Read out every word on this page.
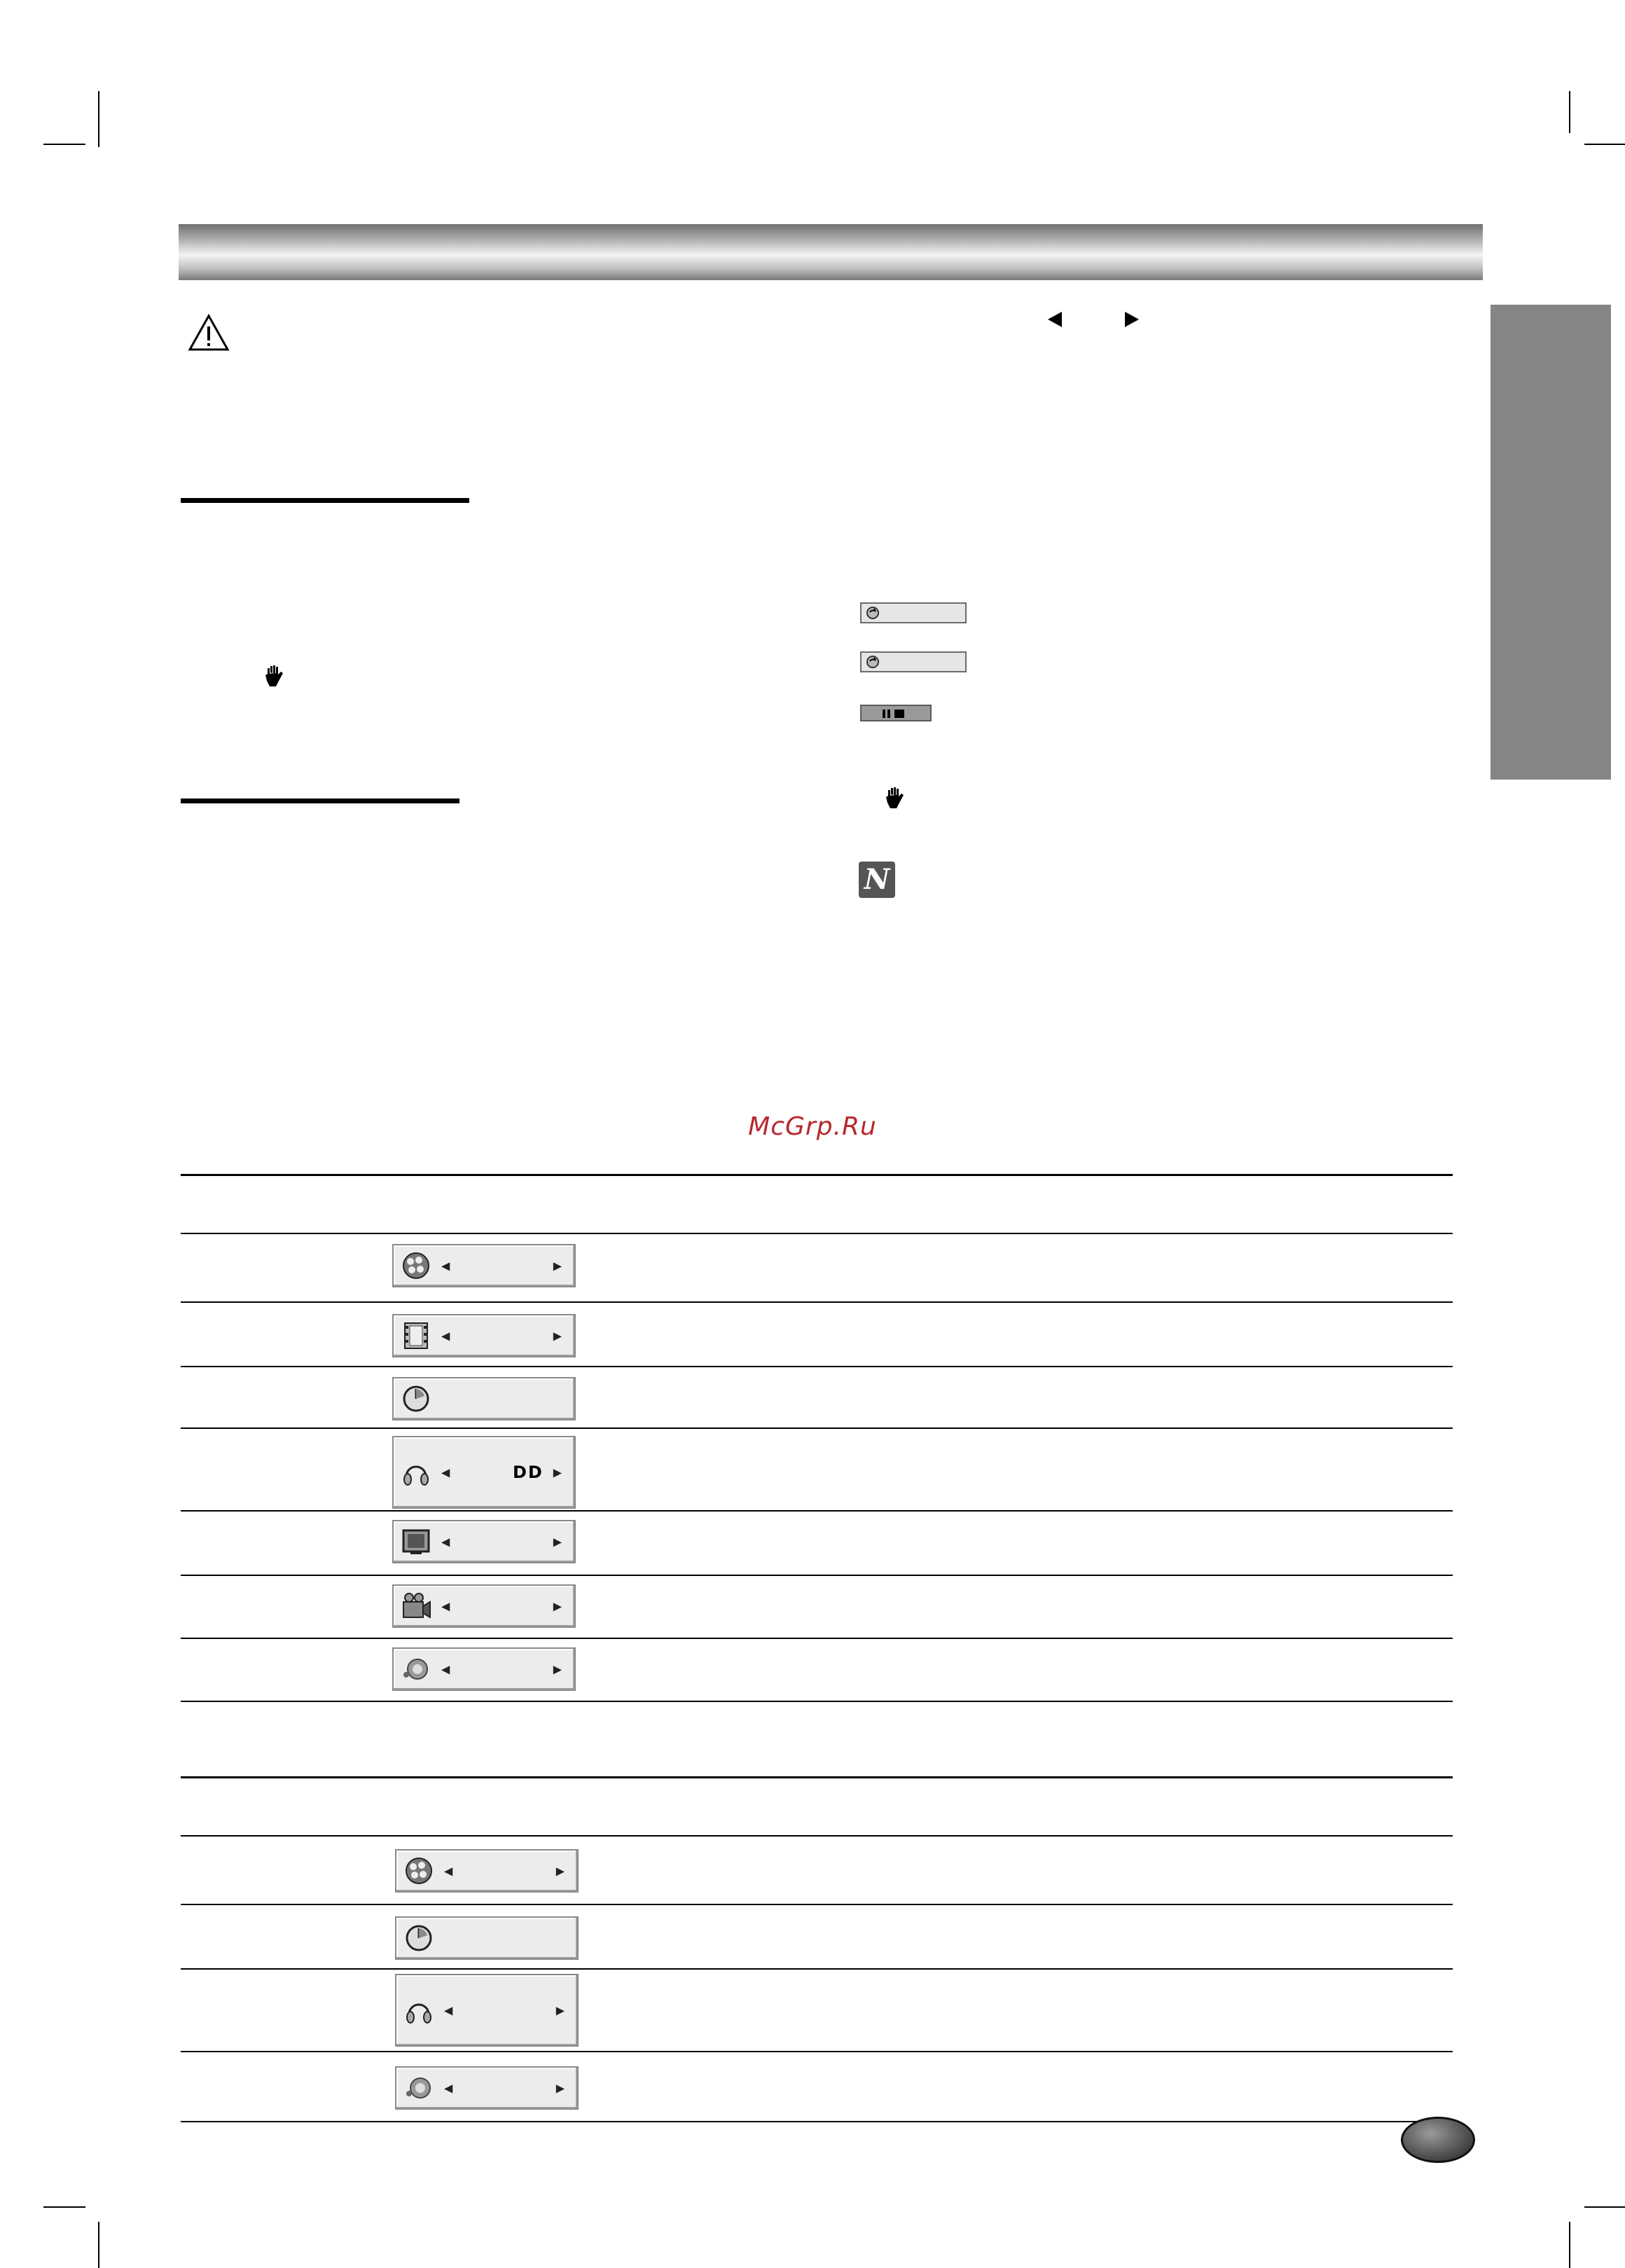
N
McGrp.Ru
◀	▶
◀	▶
◀	DD ▶
◀	▶
◀	▶
◀	▶
◀	▶
◀	▶
◀	▶
